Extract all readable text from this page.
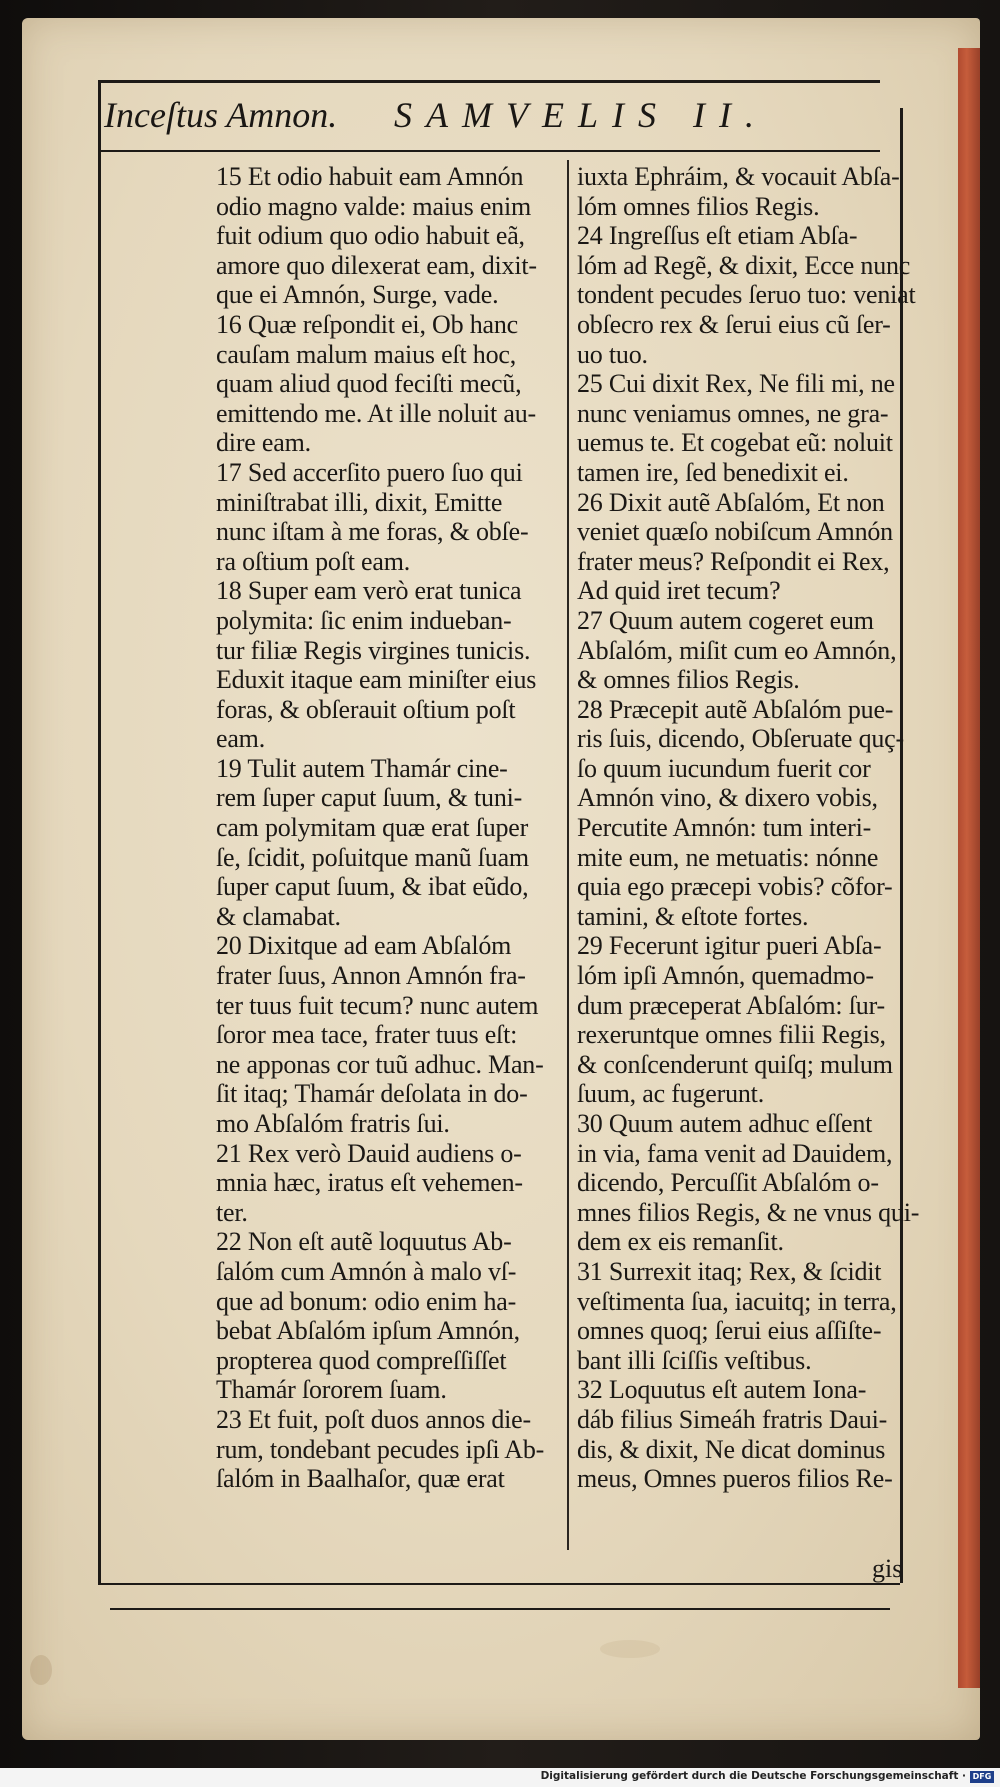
Inceſtus Amnon. SAMVELIS II.
15 Et odio habuit eam Amnón
odio magno valde: maius enim
fuit odium quo odio habuit eã,
amore quo dilexerat eam, dixit-
que ei Amnón, Surge, vade.
16 Quæ reſpondit ei, Ob hanc
cauſam malum maius eſt hoc,
quam aliud quod feciſti mecũ,
emittendo me. At ille noluit au-
dire eam.
17 Sed accerſito puero ſuo qui
miniſtrabat illi, dixit, Emitte
nunc iſtam à me foras, & obſe-
ra oſtium poſt eam.
18 Super eam verò erat tunica
polymita: ſic enim indueban-
tur filiæ Regis virgines tunicis.
Eduxit itaque eam miniſter eius
foras, & obſerauit oſtium poſt
eam.
19 Tulit autem Thamár cine-
rem ſuper caput ſuum, & tuni-
cam polymitam quæ erat ſuper
ſe, ſcidit, poſuitque manũ ſuam
ſuper caput ſuum, & ibat eũdo,
& clamabat.
20 Dixitque ad eam Abſalóm
frater ſuus, Annon Amnón fra-
ter tuus fuit tecum? nunc autem
ſoror mea tace, frater tuus eſt:
ne apponas cor tuũ adhuc. Man-
ſit itaq; Thamár deſolata in do-
mo Abſalóm fratris ſui.
21 Rex verò Dauid audiens o-
mnia hæc, iratus eſt vehemen-
ter.
22 Non eſt autẽ loquutus Ab-
ſalóm cum Amnón à malo vſ-
que ad bonum: odio enim ha-
bebat Abſalóm ipſum Amnón,
propterea quod compreſſiſſet
Thamár ſororem ſuam.
23 Et fuit, poſt duos annos die-
rum, tondebant pecudes ipſi Ab-
ſalóm in Baalhaſor, quæ erat
iuxta Ephráim, & vocauit Abſa-
lóm omnes filios Regis.
24 Ingreſſus eſt etiam Abſa-
lóm ad Regẽ, & dixit, Ecce nunc
tondent pecudes ſeruo tuo: veniat
obſecro rex & ſerui eius cũ ſer-
uo tuo.
25 Cui dixit Rex, Ne fili mi, ne
nunc veniamus omnes, ne gra-
uemus te. Et cogebat eũ: noluit
tamen ire, ſed benedixit ei.
26 Dixit autẽ Abſalóm, Et non
veniet quæſo nobiſcum Amnón
frater meus? Reſpondit ei Rex,
Ad quid iret tecum?
27 Quum autem cogeret eum
Abſalóm, miſit cum eo Amnón,
& omnes filios Regis.
28 Præcepit autẽ Abſalóm pue-
ris ſuis, dicendo, Obſeruate quç-
ſo quum iucundum fuerit cor
Amnón vino, & dixero vobis,
Percutite Amnón: tum interi-
mite eum, ne metuatis: nónne
quia ego præcepi vobis? cõfor-
tamini, & eſtote fortes.
29 Fecerunt igitur pueri Abſa-
lóm ipſi Amnón, quemadmo-
dum præceperat Abſalóm: ſur-
rexeruntque omnes filii Regis,
& conſcenderunt quiſq; mulum
ſuum, ac fugerunt.
30 Quum autem adhuc eſſent
in via, fama venit ad Dauidem,
dicendo, Percuſſit Abſalóm o-
mnes filios Regis, & ne vnus qui-
dem ex eis remanſit.
31 Surrexit itaq; Rex, & ſcidit
veſtimenta ſua, iacuitq; in terra,
omnes quoq; ſerui eius aſſiſte-
bant illi ſciſſis veſtibus.
32 Loquutus eſt autem Iona-
dáb filius Simeáh fratris Daui-
dis, & dixit, Ne dicat dominus
meus, Omnes pueros filios Re-
gis
Digitalisierung gefördert durch die Deutsche Forschungsgemeinschaft · DFG
